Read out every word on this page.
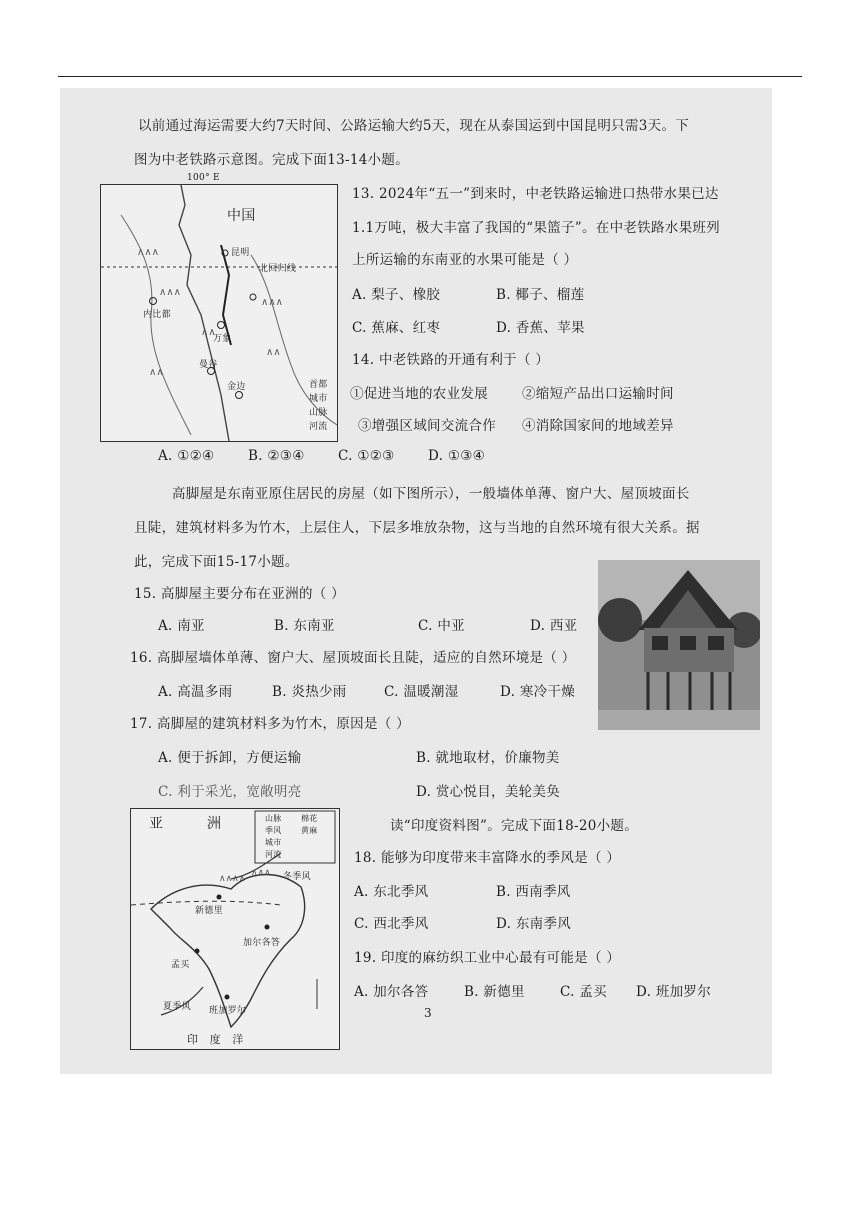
以前通过海运需要大约7天时间、公路运输大约5天，现在从泰国运到中国昆明只需3天。下
图为中老铁路示意图。完成下面13-14小题。
∧∧∧
∧∧∧
∧∧
∧∧∧
∧∧
∧∧
100° E
中国
北回归线
昆明
内比都
万象
曼谷
金边	首都
城市
山脉
河流
13. 2024年“五一”到来时，中老铁路运输进口热带水果已达
1.1万吨，极大丰富了我国的“果篮子”。在中老铁路水果班列
上所运输的东南亚的水果可能是（ ）
A. 梨子、橡胶	B. 椰子、榴莲
C. 蕉麻、红枣	D. 香蕉、苹果
14. 中老铁路的开通有利于（ ）
①促进当地的农业发展	②缩短产品出口运输时间
③增强区域间交流合作 ④消除国家间的地域差异
A. ①②④ B. ②③④ C. ①②③ D. ①③④
高脚屋是东南亚原住居民的房屋（如下图所示），一般墙体单薄、窗户大、屋顶坡面长
且陡，建筑材料多为竹木，上层住人，下层多堆放杂物，这与当地的自然环境有很大关系。据
此，完成下面15-17小题。
15. 高脚屋主要分布在亚洲的（ ）
A. 南亚	B. 东南亚	C. 中亚	D. 西亚
16. 高脚屋墙体单薄、窗户大、屋顶坡面长且陡，适应的自然环境是（ ）
A. 高温多雨	B. 炎热少雨	C. 温暖潮湿	D. 寒冷干燥
17. 高脚屋的建筑材料多为竹木，原因是（ ）
A. 便于拆卸，方便运输	B. 就地取材，价廉物美
C. 利于采光，宽敞明亮	D. 赏心悦目，美轮美奂
∧∧∧∧
∧∧∧
亚	洲	山脉 棉花
季风 黄麻
城市
河流
冬季风
新德里
加尔各答
孟买
班加罗尔
夏季风
印　度　洋
读“印度资料图”。完成下面18-20小题。
18. 能够为印度带来丰富降水的季风是（ ）
A. 东北季风	B. 西南季风
C. 西北季风	D. 东南季风
19. 印度的麻纺织工业中心最有可能是（ ）
A. 加尔各答	B. 新德里	C. 孟买 D. 班加罗尔
3
